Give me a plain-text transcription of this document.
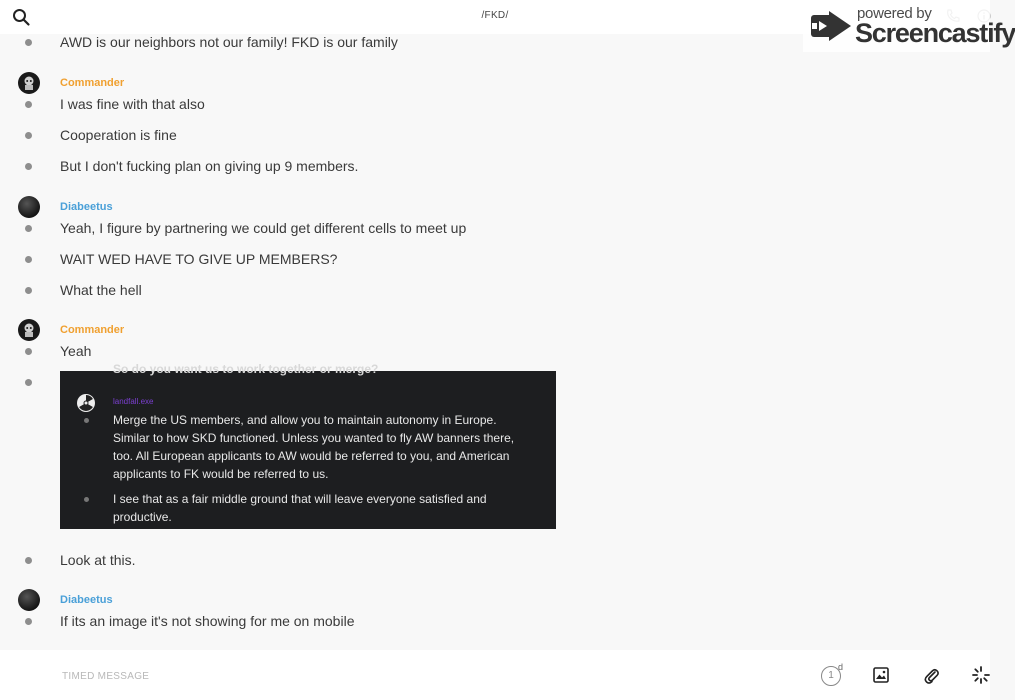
/FKD/
AWD is our neighbors not our family! FKD is our family
Commander
I was fine with that also
Cooperation is fine
But I don't fucking plan on giving up 9 members.
Diabeetus
Yeah, I figure by partnering we could get different cells to meet up
WAIT WED HAVE TO GIVE UP MEMBERS?
What the hell
Commander
Yeah
So do you want us to work together or merge?
landfall.exe
Merge the US members, and allow you to maintain autonomy in Europe. Similar to how SKD functioned. Unless you wanted to fly AW banners there, too. All European applicants to AW would be referred to you, and American applicants to FK would be referred to us.
I see that as a fair middle ground that will leave everyone satisfied and productive.
Look at this.
Diabeetus
If its an image it's not showing for me on mobile
powered by
Screencastify
TIMED MESSAGE
1
d
